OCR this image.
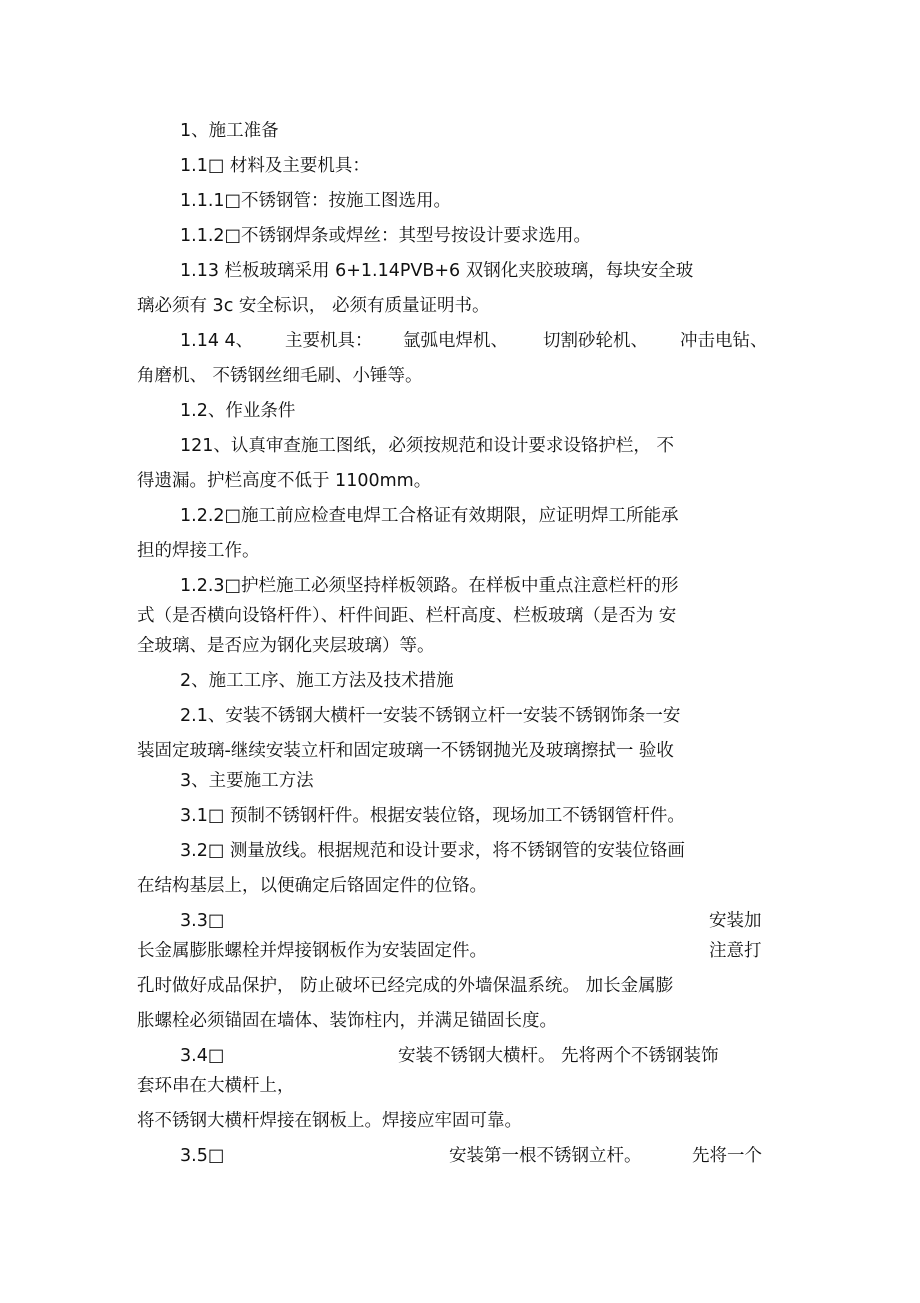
1、施工准备
1.1□ 材料及主要机具：
1.1.1□不锈钢管：按施工图选用。
1.1.2□不锈钢焊条或焊丝：其型号按设计要求选用。
1.13 栏板玻璃采用 6+1.14PVB+6 双钢化夹胶玻璃，每块安全玻
璃必须有 3c 安全标识， 必须有质量证明书。
1.14 4、 主要机具： 氩弧电焊机、 切割砂轮机、 冲击电钻、
角磨机、 不锈钢丝细毛刷、小锤等。
1.2、作业条件
121、认真审查施工图纸，必须按规范和设计要求设铬护栏， 不
得遗漏。护栏高度不低于 1100mm。
1.2.2□施工前应检查电焊工合格证有效期限，应证明焊工所能承
担的焊接工作。
1.2.3□护栏施工必须坚持样板领路。在样板中重点注意栏杆的形
式（是否横向设铬杆件）、杆件间距、栏杆高度、栏板玻璃（是否为 安
全玻璃、是否应为钢化夹层玻璃）等。
2、施工工序、施工方法及技术措施
2.1、安装不锈钢大横杆一安装不锈钢立杆一安装不锈钢饰条一安
装固定玻璃-继续安装立杆和固定玻璃一不锈钢抛光及玻璃擦拭一 验收
3、主要施工方法
3.1□ 预制不锈钢杆件。根据安装位铬，现场加工不锈钢管杆件。
3.2□ 测量放线。根据规范和设计要求，将不锈钢管的安装位铬画
在结构基层上，以便确定后铬固定件的位铬。
3.3□	安装加
长金属膨胀螺栓并焊接钢板作为安装固定件。	注意打
孔时做好成品保护， 防止破坏已经完成的外墙保温系统。 加长金属膨
胀螺栓必须锚固在墙体、装饰柱内，并满足锚固长度。
3.4□	安装不锈钢大横杆。 先将两个不锈钢装饰
套环串在大横杆上，
将不锈钢大横杆焊接在钢板上。焊接应牢固可靠。
3.5□	安装第一根不锈钢立杆。	先将一个
